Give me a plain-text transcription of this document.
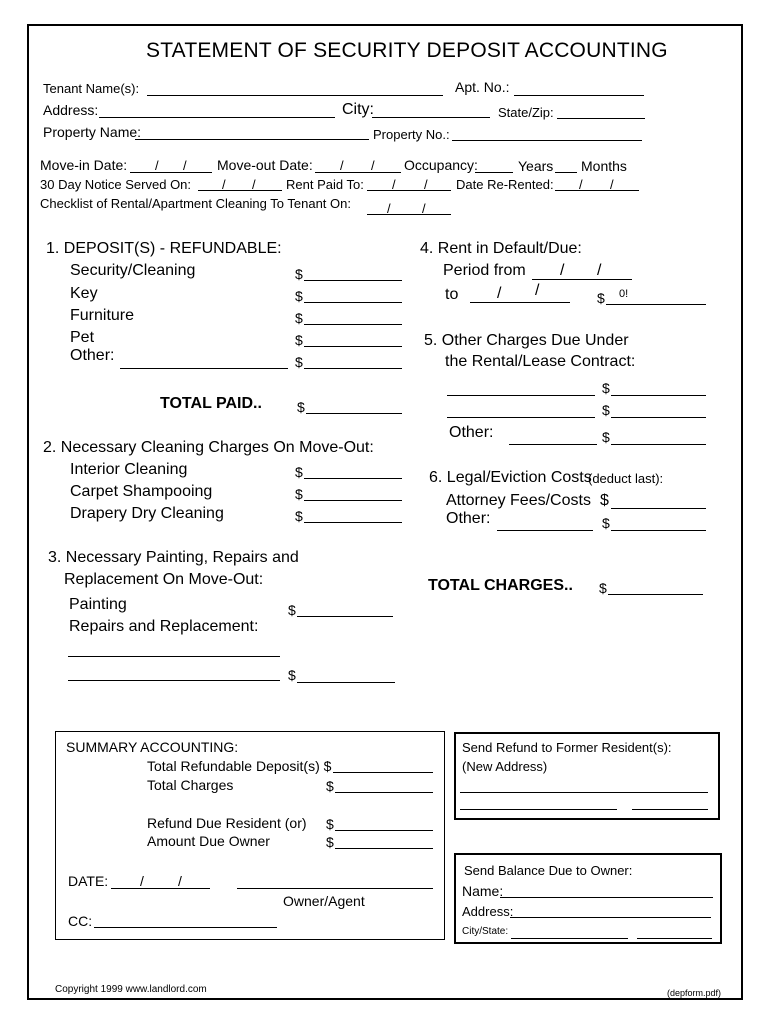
STATEMENT OF SECURITY DEPOSIT ACCOUNTING
Tenant Name(s):	Apt. No.:
Address:	City:	State/Zip:
Property Name:	Property No.:
Move-in Date: / / Move-out Date: / / Occupancy:	Years Months
30 Day Notice Served On: / / Rent Paid To: / / Date Re-Rented: / /
Checklist of Rental/Apartment Cleaning To Tenant On:	/ /
1. DEPOSIT(S) - REFUNDABLE:
Security/Cleaning	$
Key	$
Furniture	$
Pet	$
Other:	$
TOTAL PAID..	$
2. Necessary Cleaning Charges On Move-Out:
Interior Cleaning	$
Carpet Shampooing	$
Drapery Dry Cleaning	$
3. Necessary Painting, Repairs and
Replacement On Move-Out:
Painting	$
Repairs and Replacement:
$
4. Rent in Default/Due:
Period from / /
to / /	$ 0!
5. Other Charges Due Under
the Rental/Lease Contract:
$
$
Other:	$
6. Legal/Eviction Costs
(deduct last):
Attorney Fees/Costs $
Other:	$
TOTAL CHARGES.. $
SUMMARY ACCOUNTING:
Total Refundable Deposit(s) $
Total Charges	$
Refund Due Resident (or) $
Amount Due Owner	$
DATE: / /
Owner/Agent
CC:
Send Refund to Former Resident(s):
(New Address)
Send Balance Due to Owner:
Name:
Address:
City/State:
Copyright 1999 www.landlord.com	(depform.pdf)
